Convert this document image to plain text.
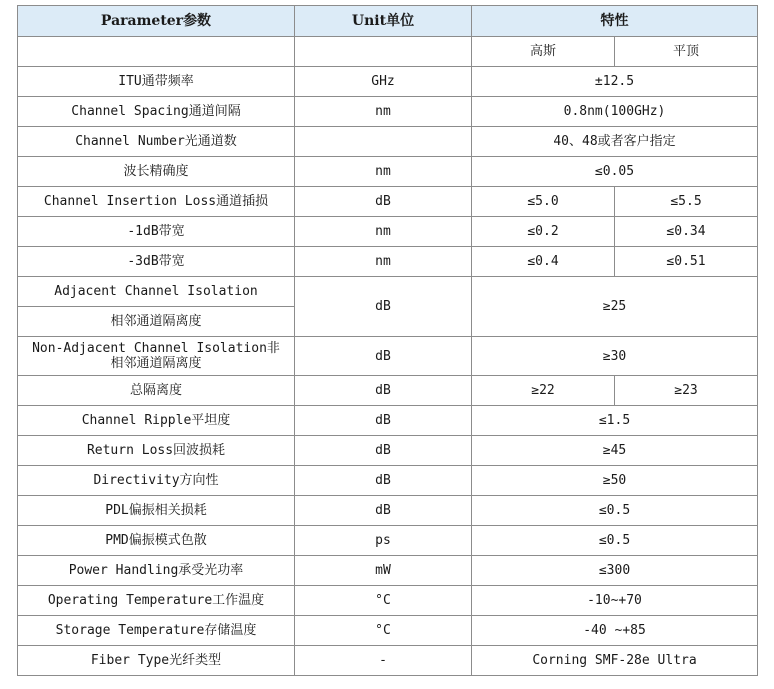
Parameter参数	Unit单位	特性	
		高斯	平顶
ITU通带频率	GHz	±12.5	
Channel Spacing通道间隔	nm	0.8nm(100GHz)	
Channel Number光通道数		40、48或者客户指定	
波长精确度	nm	≤0.05	
Channel Insertion Loss通道插损	dB	≤5.0	≤5.5
-1dB带宽	nm	≤0.2	≤0.34
-3dB带宽	nm	≤0.4	≤0.51

Adjacent Channel Isolation
相邻通道隔离度	dB	≥25	

Non-Adjacent Channel Isolation非
相邻通道隔离度	dB	≥30	
总隔离度	dB	≥22	≥23
Channel Ripple平坦度	dB	≤1.5	
Return Loss回波损耗	dB	≥45	
Directivity方向性	dB	≥50	
PDL偏振相关损耗	dB	≤0.5	
PMD偏振模式色散	ps	≤0.5	
Power Handling承受光功率	mW	≤300	
Operating Temperature工作温度	°C	-10~+70	
Storage Temperature存储温度	°C	-40 ~+85	
Fiber Type光纤类型	-	Corning SMF-28e Ultra	
